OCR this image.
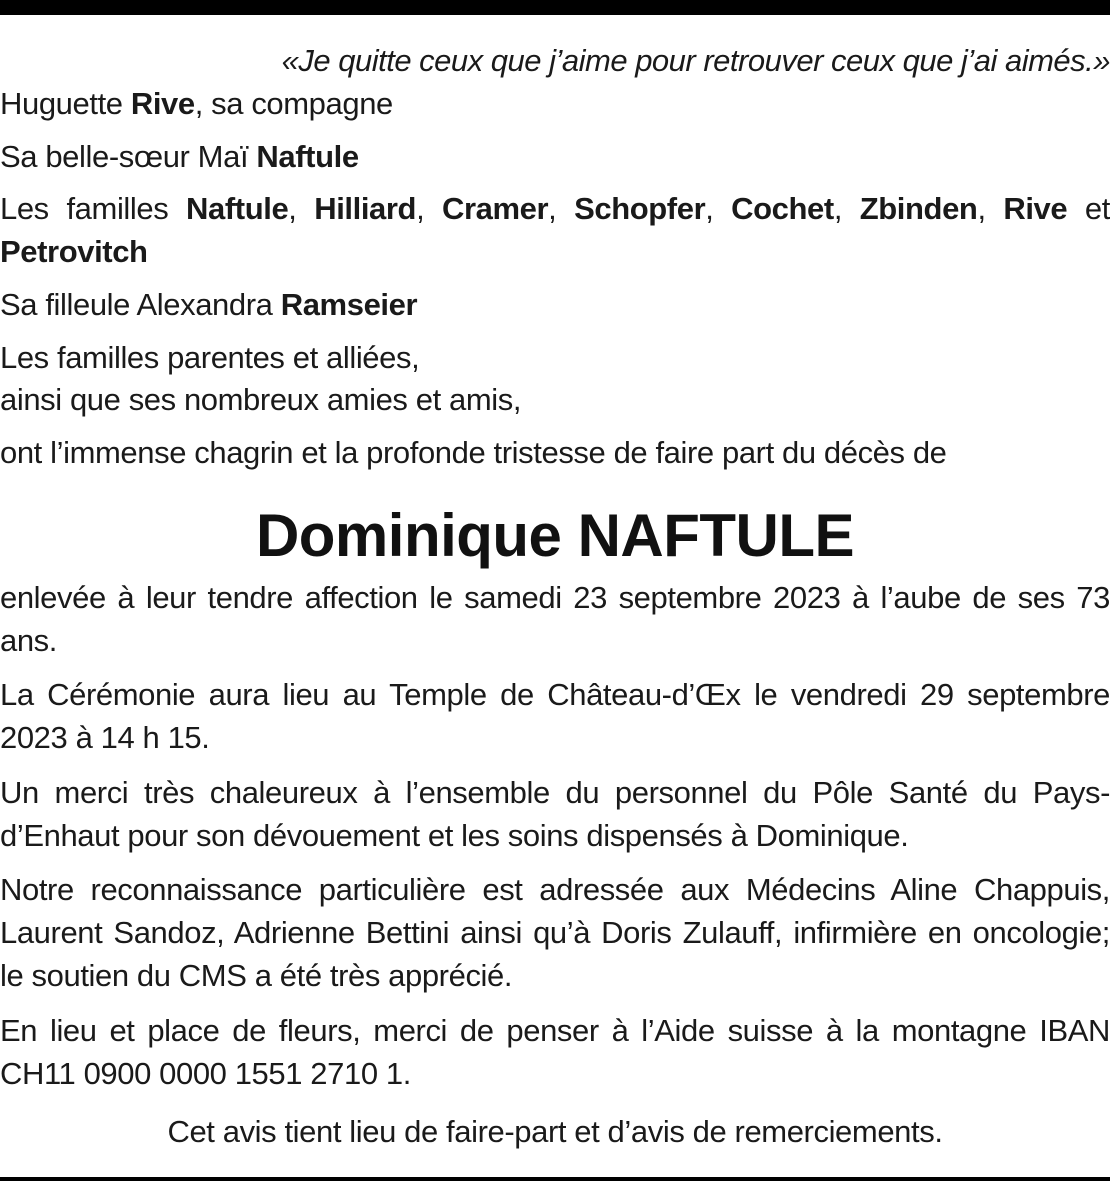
«Je quitte ceux que j’aime pour retrouver ceux que j’ai aimés.»

Huguette Rive, sa compagne

Sa belle-sœur Maï Naftule

Les familles Naftule, Hilliard, Cramer, Schopfer, Cochet, Zbinden, Rive et Petrovitch

Sa filleule Alexandra Ramseier

Les familles parentes et alliées,
ainsi que ses nombreux amies et amis,

ont l’immense chagrin et la profonde tristesse de faire part du décès de

Dominique NAFTULE

enlevée à leur tendre affection le samedi 23 septembre 2023 à l’aube de ses 73 ans.

La Cérémonie aura lieu au Temple de Château-d’Œx le vendredi 29 septembre 2023 à 14 h 15.

Un merci très chaleureux à l’ensemble du personnel du Pôle Santé du Pays-d’Enhaut pour son dévouement et les soins dispensés à Dominique.

Notre reconnaissance particulière est adressée aux Médecins Aline Chappuis, Laurent Sandoz, Adrienne Bettini ainsi qu’à Doris Zulauff, infirmière en oncologie; le soutien du CMS a été très apprécié.

En lieu et place de fleurs, merci de penser à l’Aide suisse à la montagne IBAN CH11 0900 0000 1551 2710 1.

Cet avis tient lieu de faire-part et d’avis de remerciements.
